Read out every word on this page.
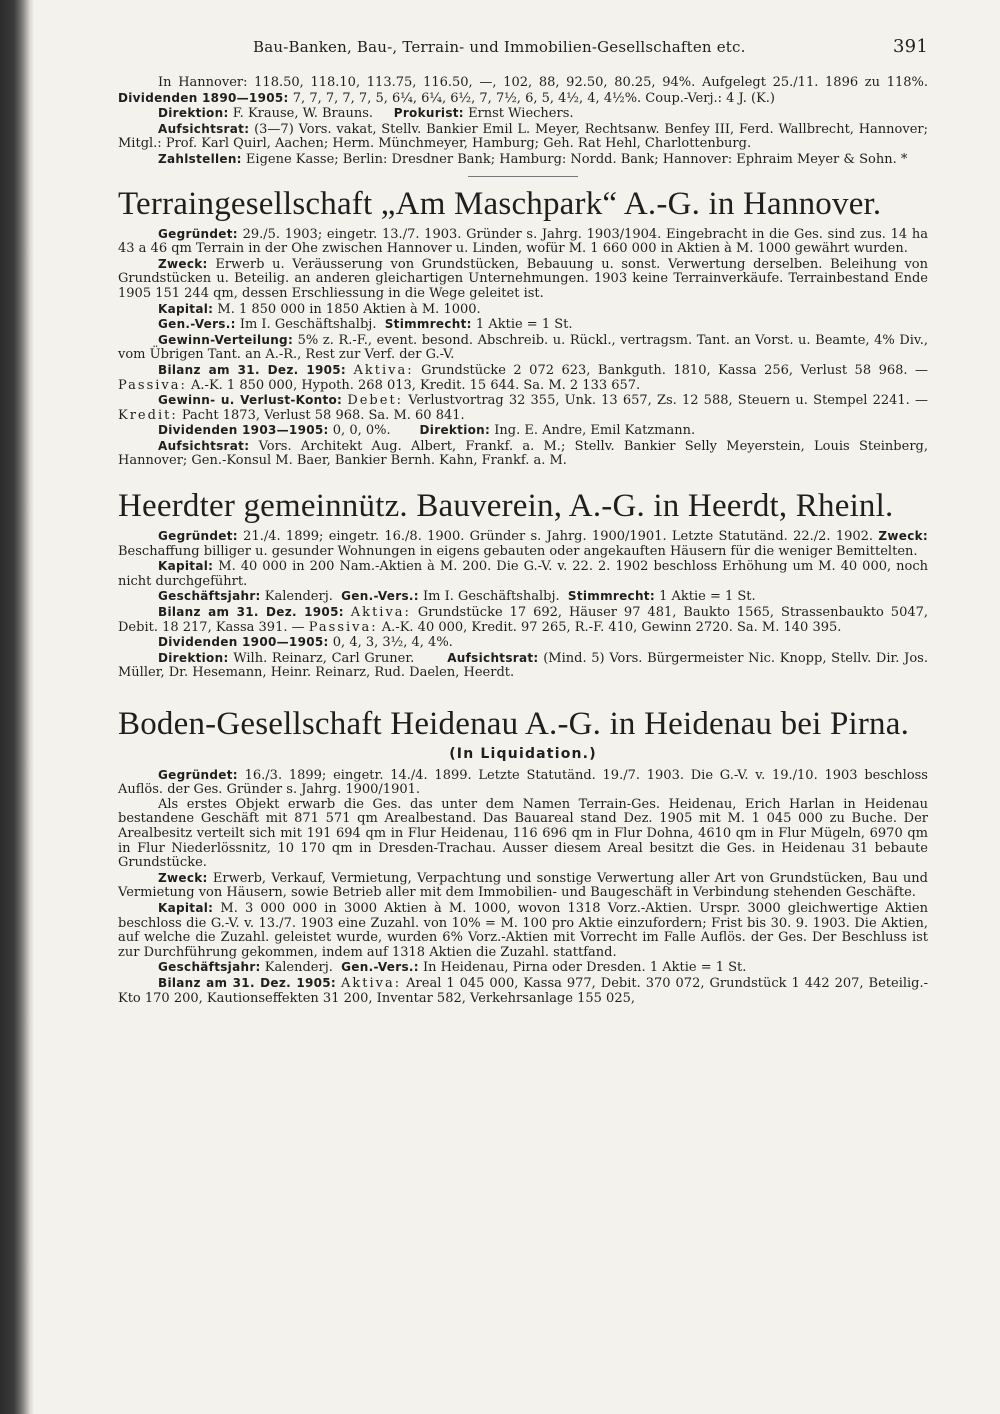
Bau-Banken, Bau-, Terrain- und Immobilien-Gesellschaften etc.	391

In Hannover: 118.50, 118.10, 113.75, 116.50, —, 102, 88, 92.50, 80.25, 94%. Aufgelegt 25./11. 1896 zu 118%. Dividenden 1890—1905: 7, 7, 7, 7, 7, 5, 6¼, 6¼, 6½, 7, 7½, 6, 5, 4½, 4, 4½%. Coup.-Verj.: 4 J. (K.)

Direktion: F. Krause, W. Brauns. Prokurist: Ernst Wiechers.

Aufsichtsrat: (3—7) Vors. vakat, Stellv. Bankier Emil L. Meyer, Rechtsanw. Benfey III, Ferd. Wallbrecht, Hannover; Mitgl.: Prof. Karl Quirl, Aachen; Herm. Münchmeyer, Hamburg; Geh. Rat Hehl, Charlottenburg.

Zahlstellen: Eigene Kasse; Berlin: Dresdner Bank; Hamburg: Nordd. Bank; Hannover: Ephraim Meyer & Sohn. *

Terraingesellschaft „Am Maschpark“ A.-G. in Hannover.

Gegründet: 29./5. 1903; eingetr. 13./7. 1903. Gründer s. Jahrg. 1903/1904. Eingebracht in die Ges. sind zus. 14 ha 43 a 46 qm Terrain in der Ohe zwischen Hannover u. Linden, wofür M. 1 660 000 in Aktien à M. 1000 gewährt wurden.

Zweck: Erwerb u. Veräusserung von Grundstücken, Bebauung u. sonst. Verwertung derselben. Beleihung von Grundstücken u. Beteilig. an anderen gleichartigen Unternehmungen. 1903 keine Terrainverkäufe. Terrainbestand Ende 1905 151 244 qm, dessen Erschliessung in die Wege geleitet ist.

Kapital: M. 1 850 000 in 1850 Aktien à M. 1000.

Gen.-Vers.: Im I. Geschäftshalbj. Stimmrecht: 1 Aktie = 1 St.

Gewinn-Verteilung: 5% z. R.-F., event. besond. Abschreib. u. Rückl., vertragsm. Tant. an Vorst. u. Beamte, 4% Div., vom Übrigen Tant. an A.-R., Rest zur Verf. der G.-V.

Bilanz am 31. Dez. 1905: Aktiva: Grundstücke 2 072 623, Bankguth. 1810, Kassa 256, Verlust 58 968. — Passiva: A.-K. 1 850 000, Hypoth. 268 013, Kredit. 15 644. Sa. M. 2 133 657.

Gewinn- u. Verlust-Konto: Debet: Verlustvortrag 32 355, Unk. 13 657, Zs. 12 588, Steuern u. Stempel 2241. — Kredit: Pacht 1873, Verlust 58 968. Sa. M. 60 841.

Dividenden 1903—1905: 0, 0, 0%. Direktion: Ing. E. Andre, Emil Katzmann.

Aufsichtsrat: Vors. Architekt Aug. Albert, Frankf. a. M.; Stellv. Bankier Selly Meyerstein, Louis Steinberg, Hannover; Gen.-Konsul M. Baer, Bankier Bernh. Kahn, Frankf. a. M.

Heerdter gemeinnütz. Bauverein, A.-G. in Heerdt, Rheinl.

Gegründet: 21./4. 1899; eingetr. 16./8. 1900. Gründer s. Jahrg. 1900/1901. Letzte Statutänd. 22./2. 1902. Zweck: Beschaffung billiger u. gesunder Wohnungen in eigens gebauten oder angekauften Häusern für die weniger Bemittelten.

Kapital: M. 40 000 in 200 Nam.-Aktien à M. 200. Die G.-V. v. 22. 2. 1902 beschloss Erhöhung um M. 40 000, noch nicht durchgeführt.

Geschäftsjahr: Kalenderj. Gen.-Vers.: Im I. Geschäftshalbj. Stimmrecht: 1 Aktie = 1 St.

Bilanz am 31. Dez. 1905: Aktiva: Grundstücke 17 692, Häuser 97 481, Baukto 1565, Strassenbaukto 5047, Debit. 18 217, Kassa 391. — Passiva: A.-K. 40 000, Kredit. 97 265, R.-F. 410, Gewinn 2720. Sa. M. 140 395.

Dividenden 1900—1905: 0, 4, 3, 3½, 4, 4%.

Direktion: Wilh. Reinarz, Carl Gruner.	Aufsichtsrat: (Mind. 5) Vors. Bürgermeister Nic. Knopp, Stellv. Dir. Jos. Müller, Dr. Hesemann, Heinr. Reinarz, Rud. Daelen, Heerdt.

Boden-Gesellschaft Heidenau A.-G. in Heidenau bei Pirna.
(In Liquidation.)

Gegründet: 16./3. 1899; eingetr. 14./4. 1899. Letzte Statutänd. 19./7. 1903. Die G.-V. v. 19./10. 1903 beschloss Auflös. der Ges. Gründer s. Jahrg. 1900/1901.

Als erstes Objekt erwarb die Ges. das unter dem Namen Terrain-Ges. Heidenau, Erich Harlan in Heidenau bestandene Geschäft mit 871 571 qm Arealbestand. Das Bauareal stand Dez. 1905 mit M. 1 045 000 zu Buche. Der Arealbesitz verteilt sich mit 191 694 qm in Flur Heidenau, 116 696 qm in Flur Dohna, 4610 qm in Flur Mügeln, 6970 qm in Flur Niederlössnitz, 10 170 qm in Dresden-Trachau. Ausser diesem Areal besitzt die Ges. in Heidenau 31 bebaute Grundstücke.

Zweck: Erwerb, Verkauf, Vermietung, Verpachtung und sonstige Verwertung aller Art von Grundstücken, Bau und Vermietung von Häusern, sowie Betrieb aller mit dem Immobilien- und Baugeschäft in Verbindung stehenden Geschäfte.

Kapital: M. 3 000 000 in 3000 Aktien à M. 1000, wovon 1318 Vorz.-Aktien. Urspr. 3000 gleichwertige Aktien beschloss die G.-V. v. 13./7. 1903 eine Zuzahl. von 10% = M. 100 pro Aktie einzufordern; Frist bis 30. 9. 1903. Die Aktien, auf welche die Zuzahl. geleistet wurde, wurden 6% Vorz.-Aktien mit Vorrecht im Falle Auflös. der Ges. Der Beschluss ist zur Durchführung gekommen, indem auf 1318 Aktien die Zuzahl. stattfand.

Geschäftsjahr: Kalenderj. Gen.-Vers.: In Heidenau, Pirna oder Dresden. 1 Aktie = 1 St.

Bilanz am 31. Dez. 1905: Aktiva: Areal 1 045 000, Kassa 977, Debit. 370 072, Grundstück 1 442 207, Beteilig.-Kto 170 200, Kautionseffekten 31 200, Inventar 582, Verkehrsanlage 155 025,
